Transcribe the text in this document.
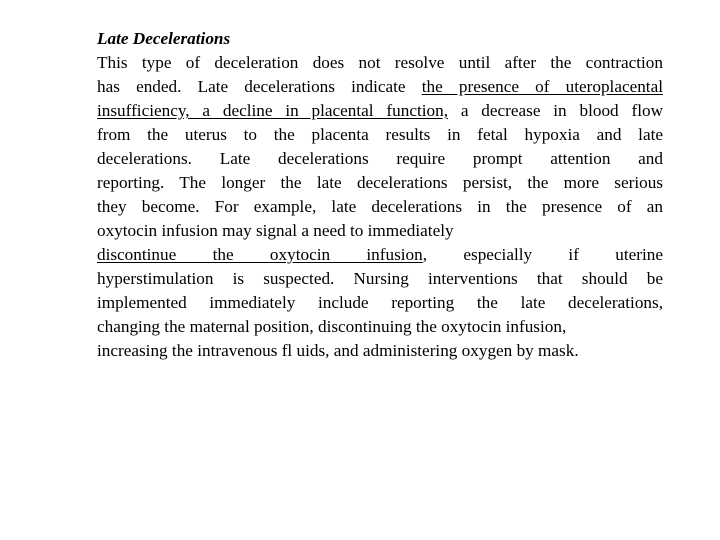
Late Decelerations
This type of deceleration does not resolve until after the contraction
has ended. Late decelerations indicate the presence of uteroplacental
insufficiency, a decline in placental function, a decrease in blood flow
from the uterus to the placenta results in fetal hypoxia and late
decelerations. Late decelerations require prompt attention and
reporting. The longer the late decelerations persist, the more serious
they become. For example, late decelerations in the presence of an
oxytocin infusion may signal a need to immediately
discontinue the oxytocin infusion, especially if uterine
hyperstimulation is suspected. Nursing interventions that should be
implemented immediately include reporting the late decelerations,
changing the maternal position, discontinuing the oxytocin infusion,
increasing the intravenous fl uids, and administering oxygen by mask.
